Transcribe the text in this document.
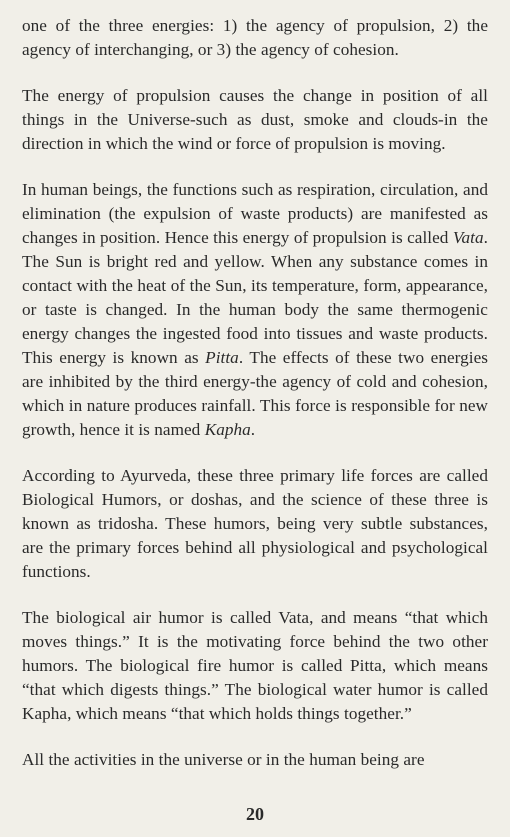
one of the three energies: 1) the agency of propulsion, 2) the agency of interchanging, or 3) the agency of cohesion.

The energy of propulsion causes the change in position of all things in the Universe-such as dust, smoke and clouds-in the direction in which the wind or force of propulsion is moving.

In human beings, the functions such as respiration, circulation, and elimination (the expulsion of waste products) are manifested as changes in position. Hence this energy of propulsion is called Vata. The Sun is bright red and yellow. When any substance comes in contact with the heat of the Sun, its temperature, form, appearance, or taste is changed. In the human body the same thermogenic energy changes the ingested food into tissues and waste products. This energy is known as Pitta. The effects of these two energies are inhibited by the third energy-the agency of cold and cohesion, which in nature produces rainfall. This force is responsible for new growth, hence it is named Kapha.

According to Ayurveda, these three primary life forces are called Biological Humors, or doshas, and the science of these three is known as tridosha. These humors, being very subtle substances, are the primary forces behind all physiological and psychological functions.

The biological air humor is called Vata, and means “that which moves things.” It is the motivating force behind the two other humors. The biological fire humor is called Pitta, which means “that which digests things.” The biological water humor is called Kapha, which means “that which holds things together.”

All the activities in the universe or in the human being are

20
